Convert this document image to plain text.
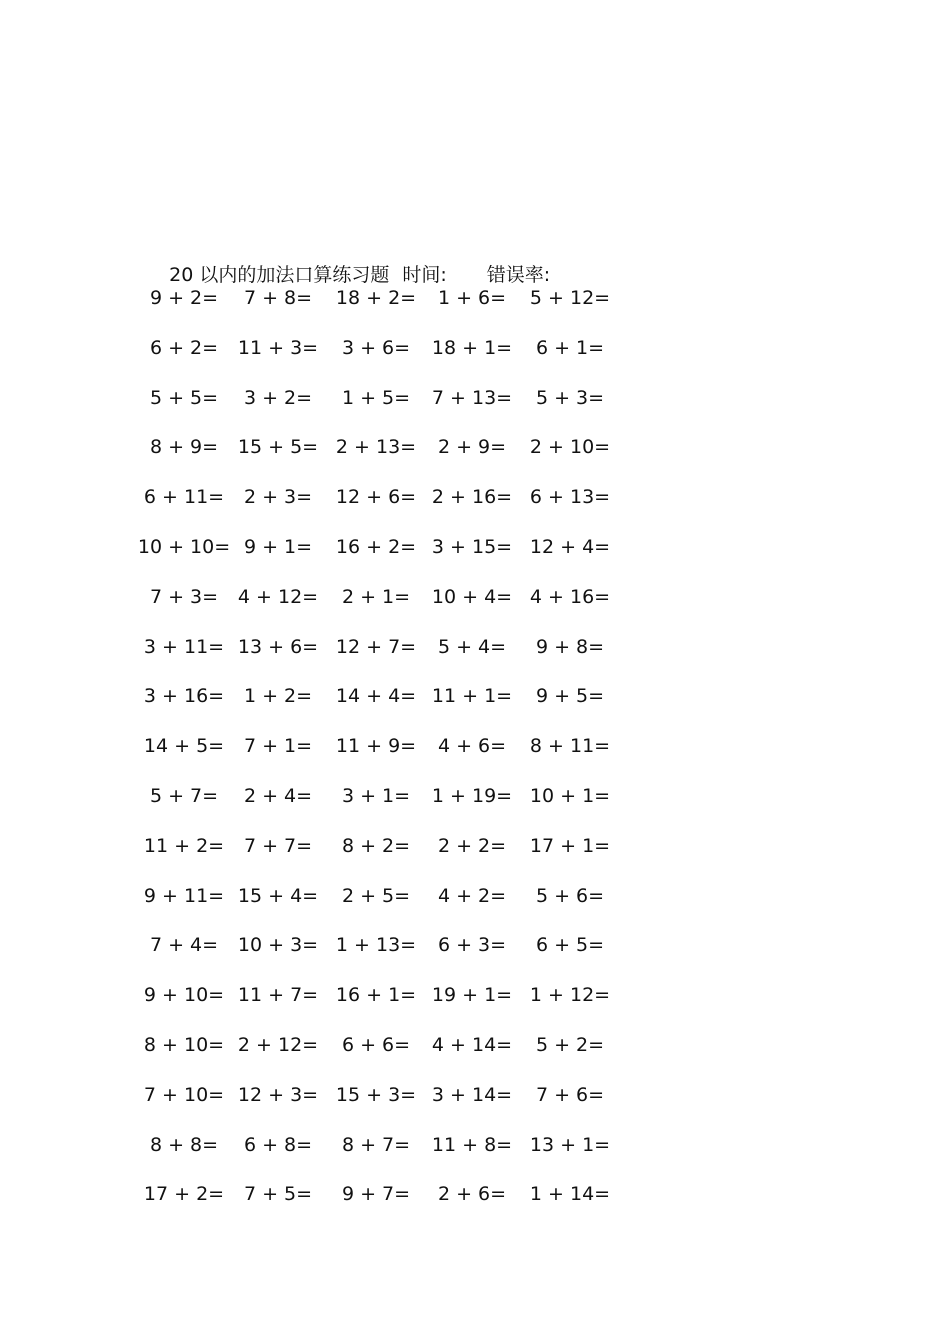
20 以内的加法口算练习题 时间: 错误率:

9 + 2= 7 + 8= 18 + 2= 1 + 6= 5 + 12=
6 + 2= 11 + 3= 3 + 6= 18 + 1= 6 + 1=
5 + 5= 3 + 2= 1 + 5= 7 + 13= 5 + 3=
8 + 9= 15 + 5= 2 + 13= 2 + 9= 2 + 10=
6 + 11= 2 + 3= 12 + 6= 2 + 16= 6 + 13=
10 + 10= 9 + 1= 16 + 2= 3 + 15= 12 + 4=
7 + 3= 4 + 12= 2 + 1= 10 + 4= 4 + 16=
3 + 11= 13 + 6= 12 + 7= 5 + 4= 9 + 8=
3 + 16= 1 + 2= 14 + 4= 11 + 1= 9 + 5=
14 + 5= 7 + 1= 11 + 9= 4 + 6= 8 + 11=
5 + 7= 2 + 4= 3 + 1= 1 + 19= 10 + 1=
11 + 2= 7 + 7= 8 + 2= 2 + 2= 17 + 1=
9 + 11= 15 + 4= 2 + 5= 4 + 2= 5 + 6=
7 + 4= 10 + 3= 1 + 13= 6 + 3= 6 + 5=
9 + 10= 11 + 7= 16 + 1= 19 + 1= 1 + 12=
8 + 10= 2 + 12= 6 + 6= 4 + 14= 5 + 2=
7 + 10= 12 + 3= 15 + 3= 3 + 14= 7 + 6=
8 + 8= 6 + 8= 8 + 7= 11 + 8= 13 + 1=
17 + 2= 7 + 5= 9 + 7= 2 + 6= 1 + 14=
